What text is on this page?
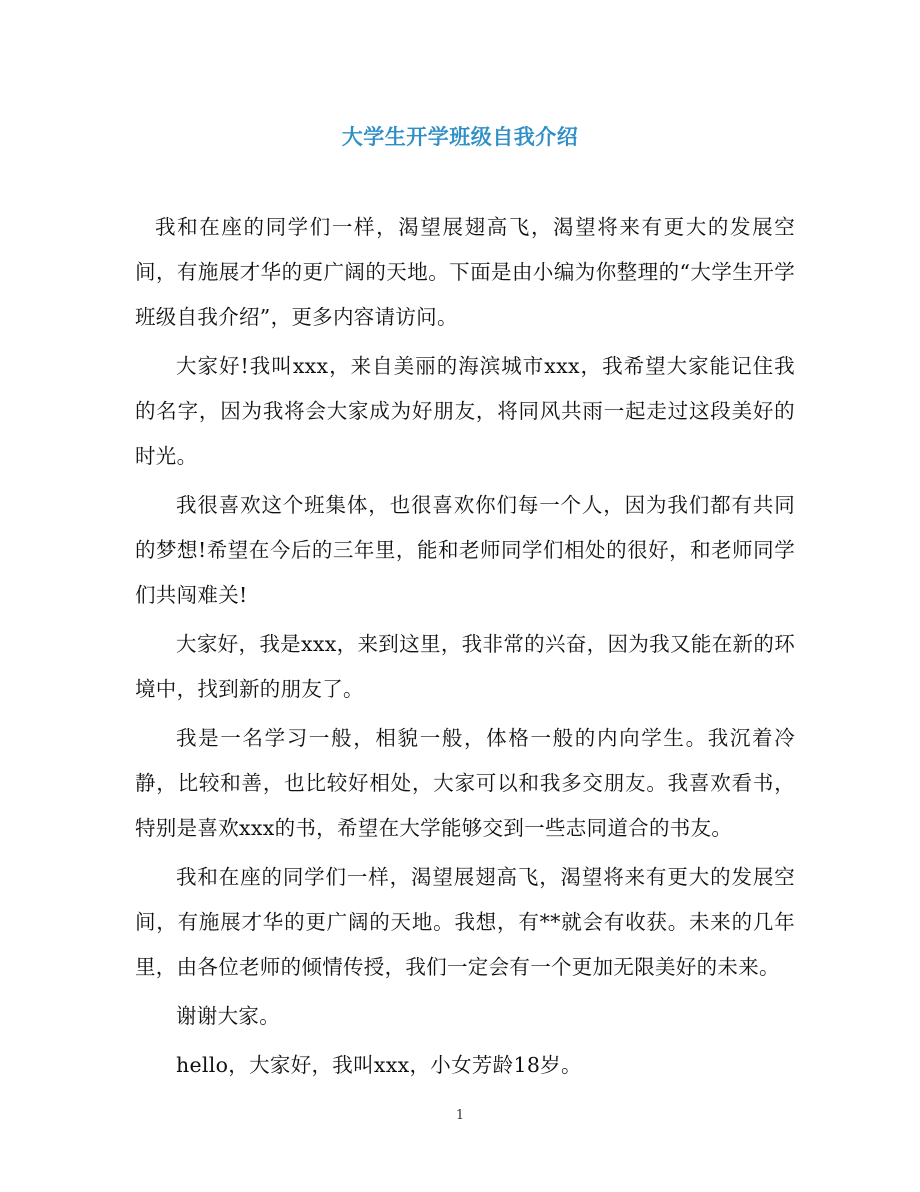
大学生开学班级自我介绍

我和在座的同学们一样，渴望展翅高飞，渴望将来有更大的发展空间，有施展才华的更广阔的天地。下面是由小编为你整理的“大学生开学班级自我介绍”，更多内容请访问。

大家好!我叫xxx，来自美丽的海滨城市xxx，我希望大家能记住我的名字，因为我将会大家成为好朋友，将同风共雨一起走过这段美好的时光。

我很喜欢这个班集体，也很喜欢你们每一个人，因为我们都有共同的梦想!希望在今后的三年里，能和老师同学们相处的很好，和老师同学们共闯难关!

大家好，我是xxx，来到这里，我非常的兴奋，因为我又能在新的环境中，找到新的朋友了。

我是一名学习一般，相貌一般，体格一般的内向学生。我沉着冷静，比较和善，也比较好相处，大家可以和我多交朋友。我喜欢看书，特别是喜欢xxx的书，希望在大学能够交到一些志同道合的书友。

我和在座的同学们一样，渴望展翅高飞，渴望将来有更大的发展空间，有施展才华的更广阔的天地。我想，有**就会有收获。未来的几年里，由各位老师的倾情传授，我们一定会有一个更加无限美好的未来。

谢谢大家。

hello，大家好，我叫xxx，小女芳龄18岁。

1
